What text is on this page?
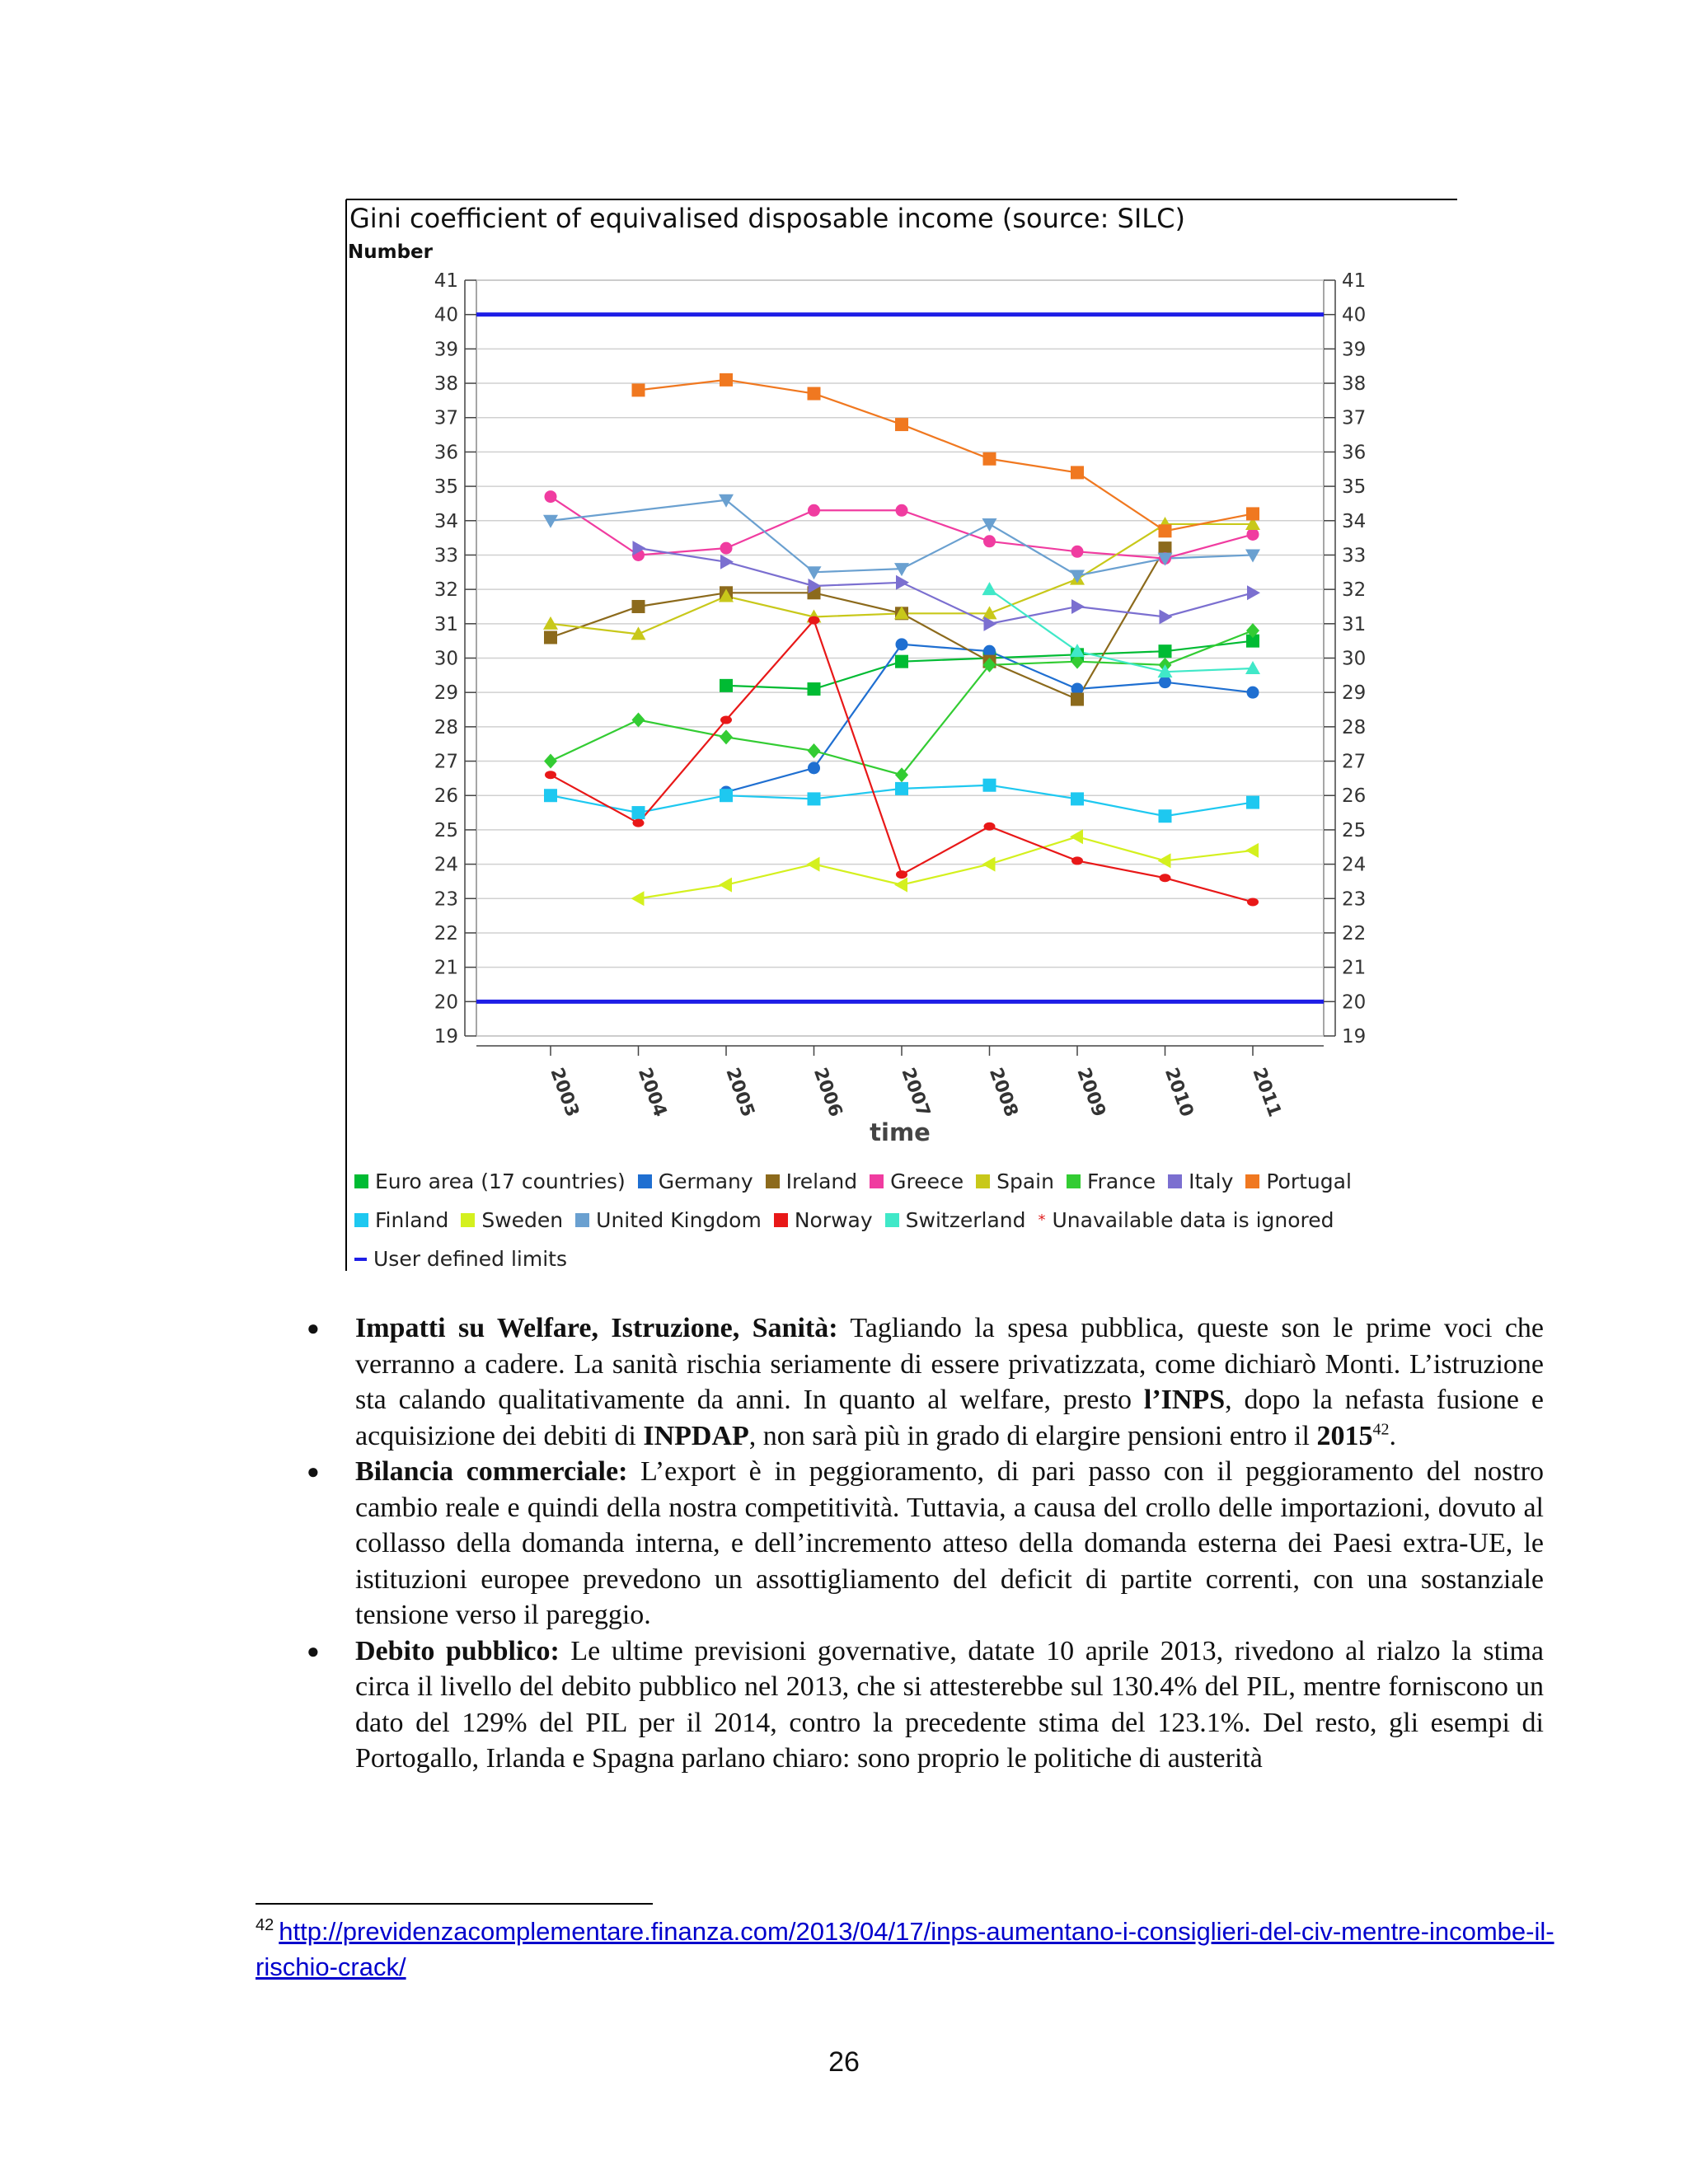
Gini coefficient of equivalised disposable income (source: SILC)
Number
19	19
20	20
21	21
22	22
23	23
24	24
25	25
26	26
27	27
28	28
29	29
30	30
31	31
32	32
33	33
34	34
35	35
36	36
37	37
38	38
39	39
40	40
41	41
2003	2004	2005	2006	2007	2008	2009	2010	2011
time
Euro area (17 countries) Germany Ireland Greece Spain France Italy Portugal
Finland Sweden United Kingdom Norway Switzerland * Unavailable data is ignored
User defined limits
● Impatti su Welfare, Istruzione, Sanità: Tagliando la spesa pubblica, queste son le prime voci che verranno a cadere. La sanità rischia seriamente di essere privatizzata, come dichiarò Monti. L’istruzione sta calando qualitativamente da anni. In quanto al welfare, presto l’INPS, dopo la nefasta fusione e acquisizione dei debiti di INPDAP, non sarà più in grado di elargire pensioni entro il 2015$^{42}$.
● Bilancia commerciale: L’export è in peggioramento, di pari passo con il peggioramento del nostro cambio reale e quindi della nostra competitività. Tuttavia, a causa del crollo delle importazioni, dovuto al collasso della domanda interna, e dell’incremento atteso della domanda esterna dei Paesi extra-UE, le istituzioni europee prevedono un assottigliamento del deficit di partite correnti, con una sostanziale tensione verso il pareggio.
● Debito pubblico: Le ultime previsioni governative, datate 10 aprile 2013, rivedono al rialzo la stima circa il livello del debito pubblico nel 2013, che si attesterebbe sul 130.4% del PIL, mentre forniscono un dato del 129% del PIL per il 2014, contro la precedente stima del 123.1%. Del resto, gli esempi di Portogallo, Irlanda e Spagna parlano chiaro: sono proprio le politiche di austerità
$^{42}$ http://previdenzacomplementare.finanza.com/2013/04/17/inps-aumentano-i-consiglieri-del-civ-mentre-incombe-il-rischio-crack/
26
